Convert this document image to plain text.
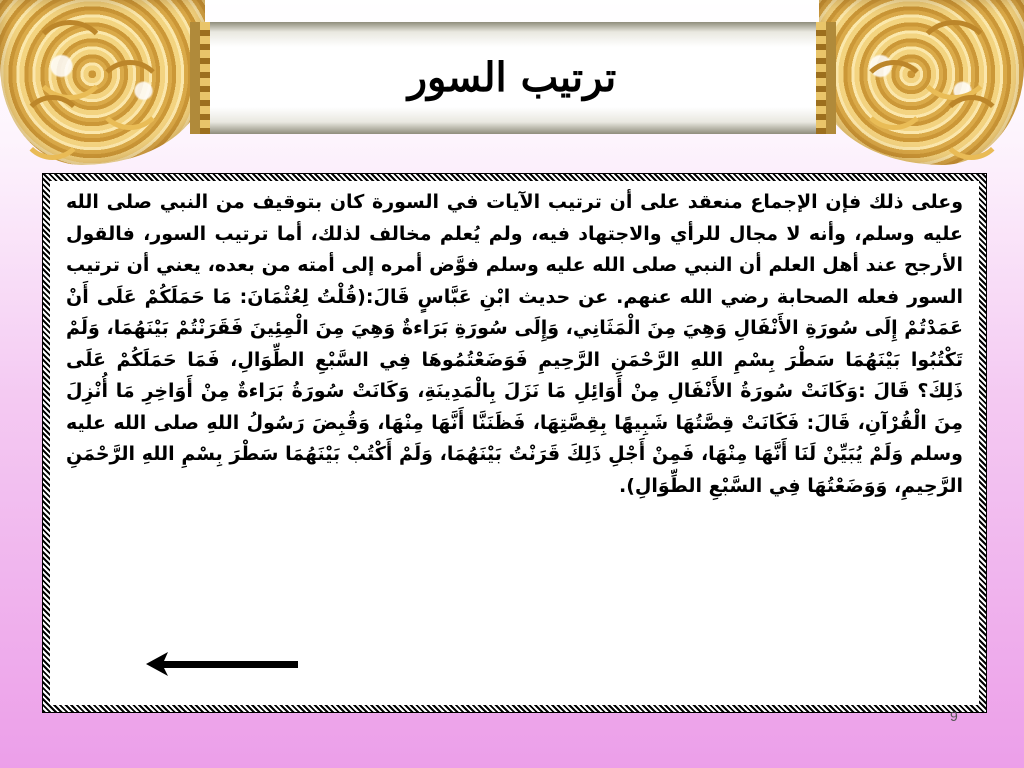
ترتيب السور

وعلى ذلك فإن الإجماع منعقد على أن ترتيب الآيات في السورة كان بتوقيف من النبي صلى الله عليه وسلم، وأنه لا مجال للرأي والاجتهاد فيه، ولم يُعلم مخالف لذلك، أما ترتيب السور، فالقول الأرجح عند أهل العلم أن النبي صلى الله عليه وسلم فوَّض أمره إلى أمته من بعده، يعني أن ترتيب السور فعله الصحابة رضي الله عنهم. عن حديث ابْنِ عَبَّاسٍ قَالَ:(قُلْتُ لِعُثْمَانَ: مَا حَمَلَكُمْ عَلَى أَنْ عَمَدْتُمْ إِلَى سُورَةِ الأَنْفَالِ وَهِيَ مِنَ الْمَثَانِي، وَإِلَى سُورَةِ بَرَاءةٌ وَهِيَ مِنَ الْمِئِينَ فَقَرَنْتُمْ بَيْنَهُمَا، وَلَمْ تَكْتُبُوا بَيْنَهُمَا سَطْرَ بِسْمِ اللهِ الرَّحْمَنِ الرَّحِيمِ فَوَضَعْتُمُوهَا فِي السَّبْعِ الطِّوَالِ، فَمَا حَمَلَكُمْ عَلَى ذَلِكَ؟ قَالَ :وَكَانَتْ سُورَةُ الأَنْفَالِ مِنْ أَوَائِلِ مَا نَزَلَ بِالْمَدِينَةِ، وَكَانَتْ سُورَةُ بَرَاءةٌ مِنْ أَوَاخِرِ مَا أُنْزِلَ مِنَ الْقُرْآنِ، قَالَ: فَكَانَتْ قِصَّتُهَا شَبِيهًا بِقِصَّتِهَا، فَظَنَنَّا أَنَّهَا مِنْهَا، وَقُبِضَ رَسُولُ اللهِ صلى الله عليه وسلم وَلَمْ يُبَيِّنْ لَنَا أَنَّهَا مِنْهَا، فَمِنْ أَجْلِ ذَلِكَ قَرَنْتُ بَيْنَهُمَا، وَلَمْ أَكْتُبْ بَيْنَهُمَا سَطْرَ بِسْمِ اللهِ الرَّحْمَنِ الرَّحِيمِ، وَوَضَعْتُهَا فِي السَّبْعِ الطِّوَالِ).

9
